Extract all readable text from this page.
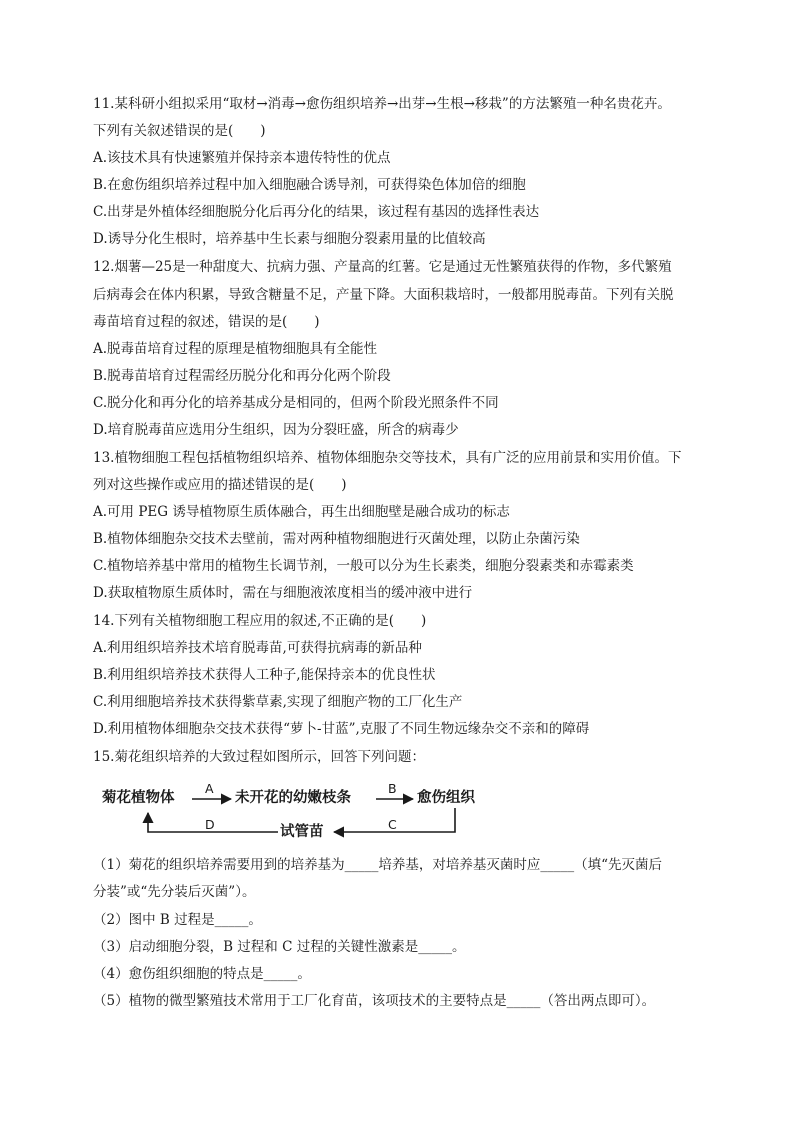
11.某科研小组拟采用“取材→消毒→愈伤组织培养→出芽→生根→移栽”的方法繁殖一种名贵花卉。
下列有关叙述错误的是(　　)
A.该技术具有快速繁殖并保持亲本遗传特性的优点
B.在愈伤组织培养过程中加入细胞融合诱导剂，可获得染色体加倍的细胞
C.出芽是外植体经细胞脱分化后再分化的结果，该过程有基因的选择性表达
D.诱导分化生根时，培养基中生长素与细胞分裂素用量的比值较高
12.烟薯—25是一种甜度大、抗病力强、产量高的红薯。它是通过无性繁殖获得的作物，多代繁殖
后病毒会在体内积累，导致含糖量不足，产量下降。大面积栽培时，一般都用脱毒苗。下列有关脱
毒苗培育过程的叙述，错误的是(　　)
A.脱毒苗培育过程的原理是植物细胞具有全能性
B.脱毒苗培育过程需经历脱分化和再分化两个阶段
C.脱分化和再分化的培养基成分是相同的，但两个阶段光照条件不同
D.培育脱毒苗应选用分生组织，因为分裂旺盛，所含的病毒少
13.植物细胞工程包括植物组织培养、植物体细胞杂交等技术，具有广泛的应用前景和实用价值。下
列对这些操作或应用的描述错误的是(　　)
A.可用 PEG 诱导植物原生质体融合，再生出细胞壁是融合成功的标志
B.植物体细胞杂交技术去壁前，需对两种植物细胞进行灭菌处理，以防止杂菌污染
C.植物培养基中常用的植物生长调节剂，一般可以分为生长素类，细胞分裂素类和赤霉素类
D.获取植物原生质体时，需在与细胞液浓度相当的缓冲液中进行
14.下列有关植物细胞工程应用的叙述,不正确的是(　　)
A.利用组织培养技术培育脱毒苗,可获得抗病毒的新品种
B.利用组织培养技术获得人工种子,能保持亲本的优良性状
C.利用细胞培养技术获得紫草素,实现了细胞产物的工厂化生产
D.利用植物体细胞杂交技术获得“萝卜-甘蓝”,克服了不同生物远缘杂交不亲和的障碍
15.菊花组织培养的大致过程如图所示，回答下列问题：
菊花植物体	未开花的幼嫩枝条	愈伤组织
试管苗
A	B
C
D
（1）菊花的组织培养需要用到的培养基为_____培养基，对培养基灭菌时应_____（填“先灭菌后
分装”或“先分装后灭菌”）。
（2）图中 B 过程是_____。
（3）启动细胞分裂，B 过程和 C 过程的关键性激素是_____。
（4）愈伤组织细胞的特点是_____。
（5）植物的微型繁殖技术常用于工厂化育苗，该项技术的主要特点是_____（答出两点即可）。
